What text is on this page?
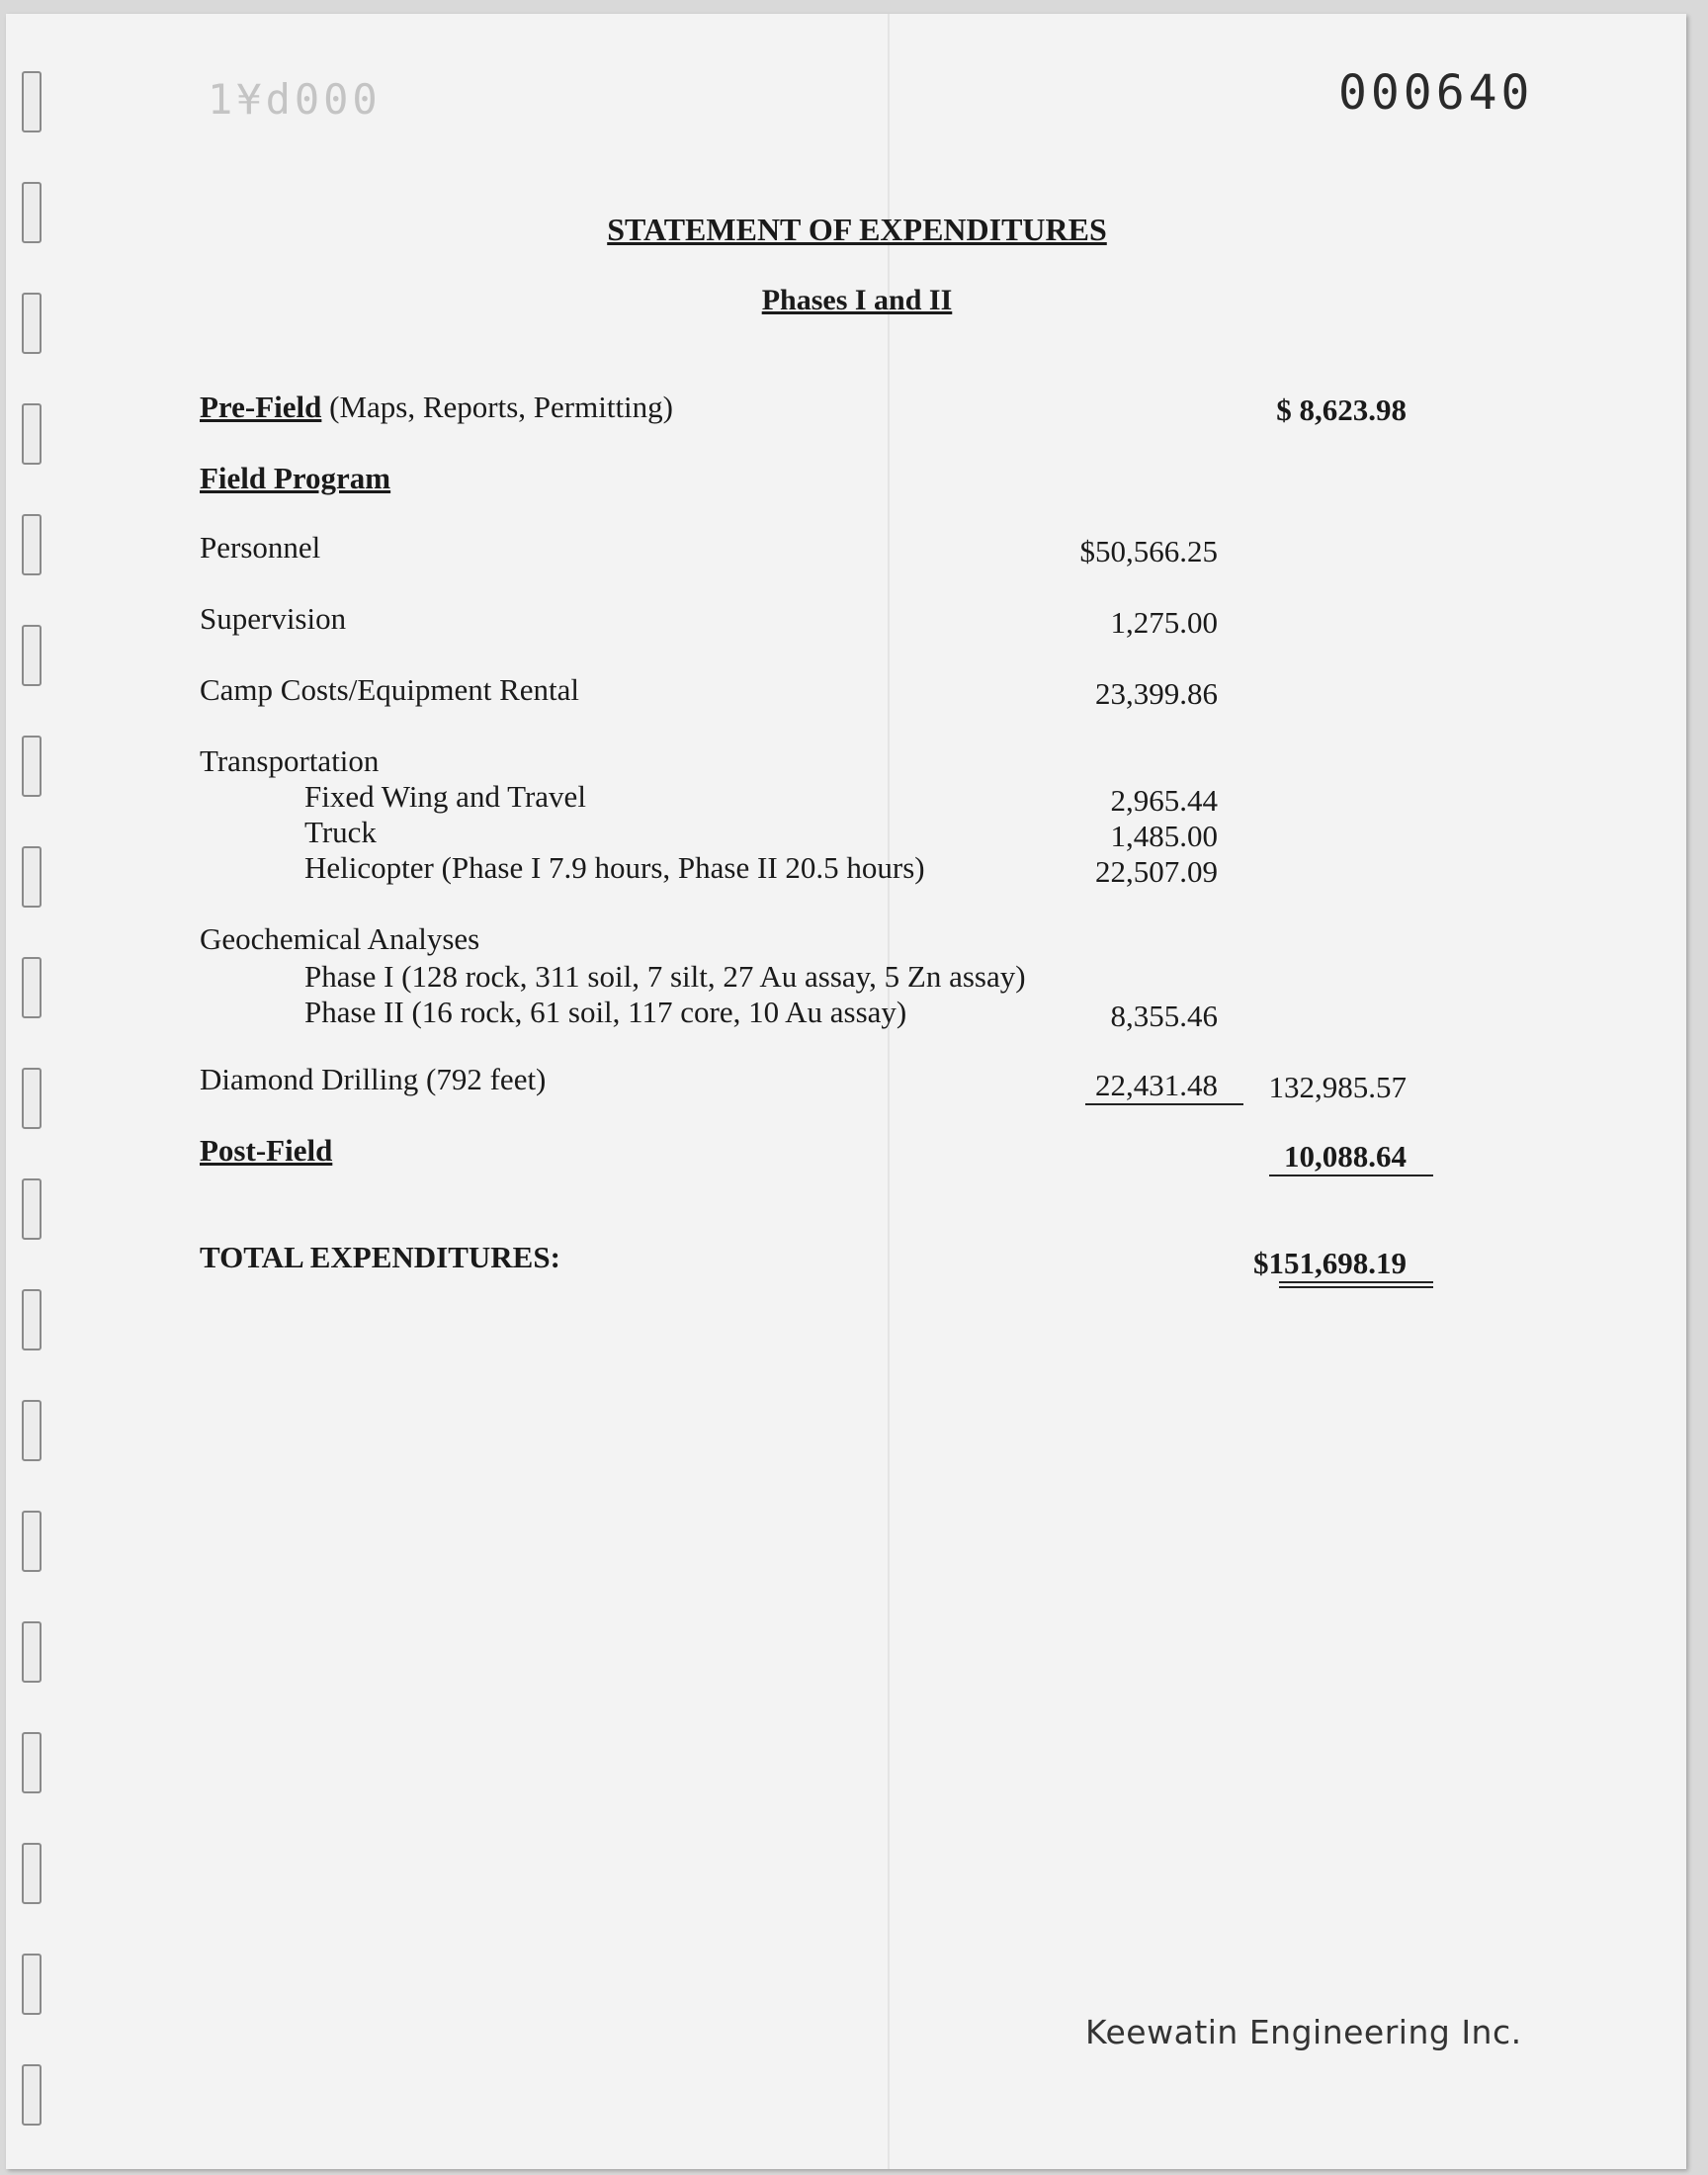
1¥d000	000640
STATEMENT OF EXPENDITURES
Phases I and II
Pre-Field (Maps, Reports, Permitting)	$ 8,623.98
Field Program
Personnel	$50,566.25
Supervision	1,275.00
Camp Costs/Equipment Rental	23,399.86
Transportation
Fixed Wing and Travel	2,965.44
Truck	1,485.00
Helicopter (Phase I 7.9 hours, Phase II 20.5 hours)	22,507.09
Geochemical Analyses
Phase I (128 rock, 311 soil, 7 silt, 27 Au assay, 5 Zn assay)
Phase II (16 rock, 61 soil, 117 core, 10 Au assay)	8,355.46
Diamond Drilling (792 feet)	22,431.48 132,985.57
Post-Field	10,088.64
TOTAL EXPENDITURES:	$151,698.19
Keewatin Engineering Inc.
